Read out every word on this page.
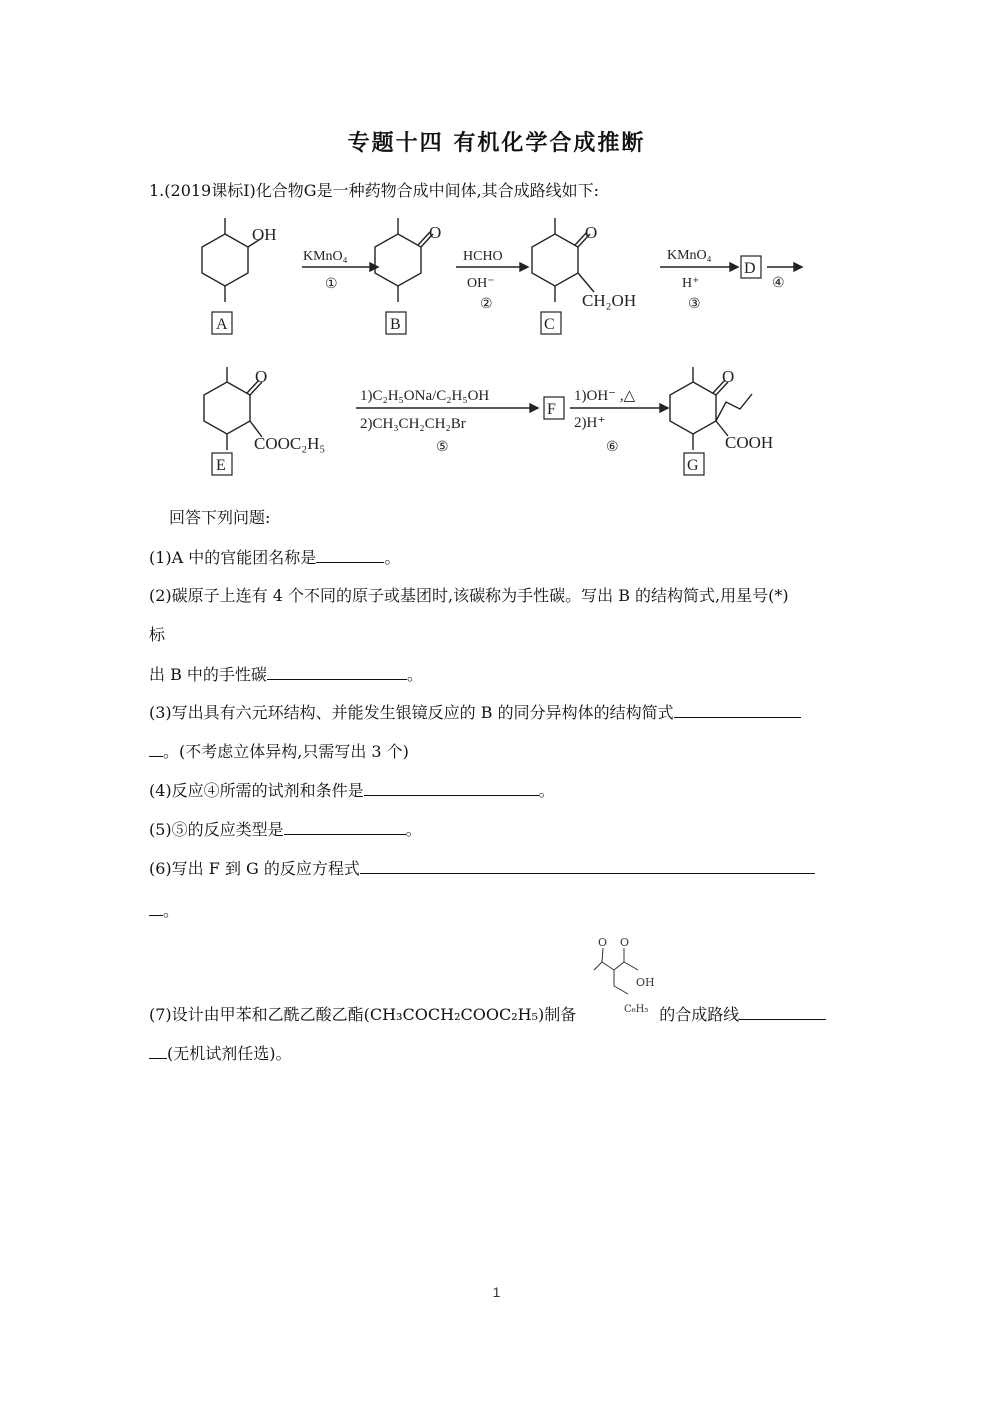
专题十四 有机化学合成推断
1.(2019课标Ⅰ)化合物G是一种药物合成中间体,其合成路线如下:
OH
A
KMnO₄
①
O
B
HCHO
OH⁻
②
O
CH₂OH
C
KMnO₄
H⁺
③
D
④
O
COOC₂H₅
E
1)C₂H₅ONa/C₂H₅OH
2)CH₃CH₂CH₂Br
⑤
F
1)OH⁻ ,△
2)H⁺
⑥
O
COOH
G
回答下列问题:
(1)A 中的官能团名称是	。
(2)碳原子上连有 4 个不同的原子或基团时,该碳称为手性碳。写出 B 的结构简式,用星号(*)
标
出 B 中的手性碳	。
(3)写出具有六元环结构、并能发生银镜反应的 B 的同分异构体的结构简式
。(不考虑立体异构,只需写出 3 个)
(4)反应④所需的试剂和条件是	。
(5)⑤的反应类型是	。
(6)写出 F 到 G 的反应方程式
。
O O
OH
C₆H₅
(7)设计由甲苯和乙酰乙酸乙酯(CH₃COCH₂COOC₂H₅)制备	的合成路线
(无机试剂任选)。
1
